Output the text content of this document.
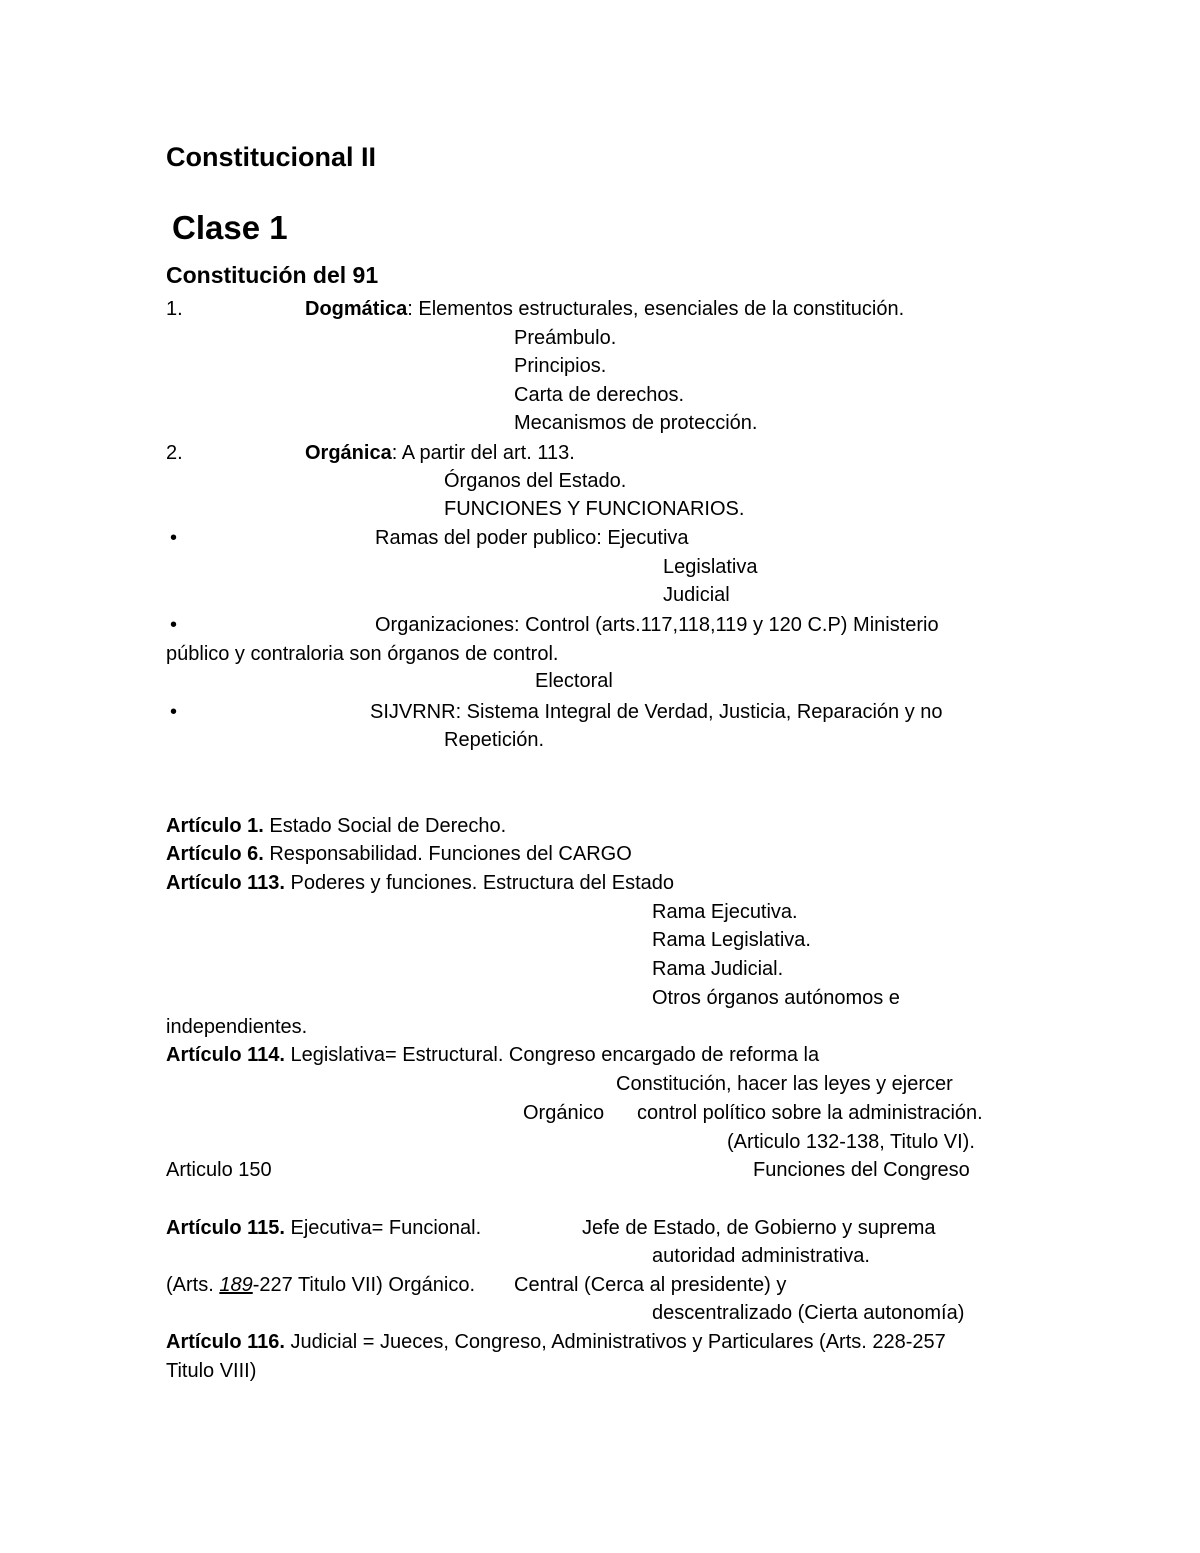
Constitucional II
Clase 1
Constitución del 91
1.	Dogmática: Elementos estructurales, esenciales de la constitución.
Preámbulo.
Principios.
Carta de derechos.
Mecanismos de protección.
2.	Orgánica: A partir del art. 113.
Órganos del Estado.
FUNCIONES Y FUNCIONARIOS.
•	Ramas del poder publico: Ejecutiva
Legislativa
Judicial
•	Organizaciones: Control (arts.117,118,119 y 120 C.P) Ministerio
público y contraloria son órganos de control.
Electoral
•	SIJVRNR: Sistema Integral de Verdad, Justicia, Reparación y no
Repetición.
Artículo 1. Estado Social de Derecho.
Artículo 6. Responsabilidad. Funciones del CARGO
Artículo 113. Poderes y funciones. Estructura del Estado
Rama Ejecutiva.
Rama Legislativa.
Rama Judicial.
Otros órganos autónomos e
independientes.
Artículo 114. Legislativa= Estructural. Congreso encargado de reforma la
Constitución, hacer las leyes y ejercer
Orgánico control político sobre la administración.
(Articulo 132-138, Titulo VI).
Articulo 150	Funciones del Congreso
Artículo 115. Ejecutiva= Funcional.	Jefe de Estado, de Gobierno y suprema
autoridad administrativa.
(Arts. 189-227 Titulo VII) Orgánico. Central (Cerca al presidente) y
descentralizado (Cierta autonomía)
Artículo 116. Judicial = Jueces, Congreso, Administrativos y Particulares (Arts. 228-257
Titulo VIII)
